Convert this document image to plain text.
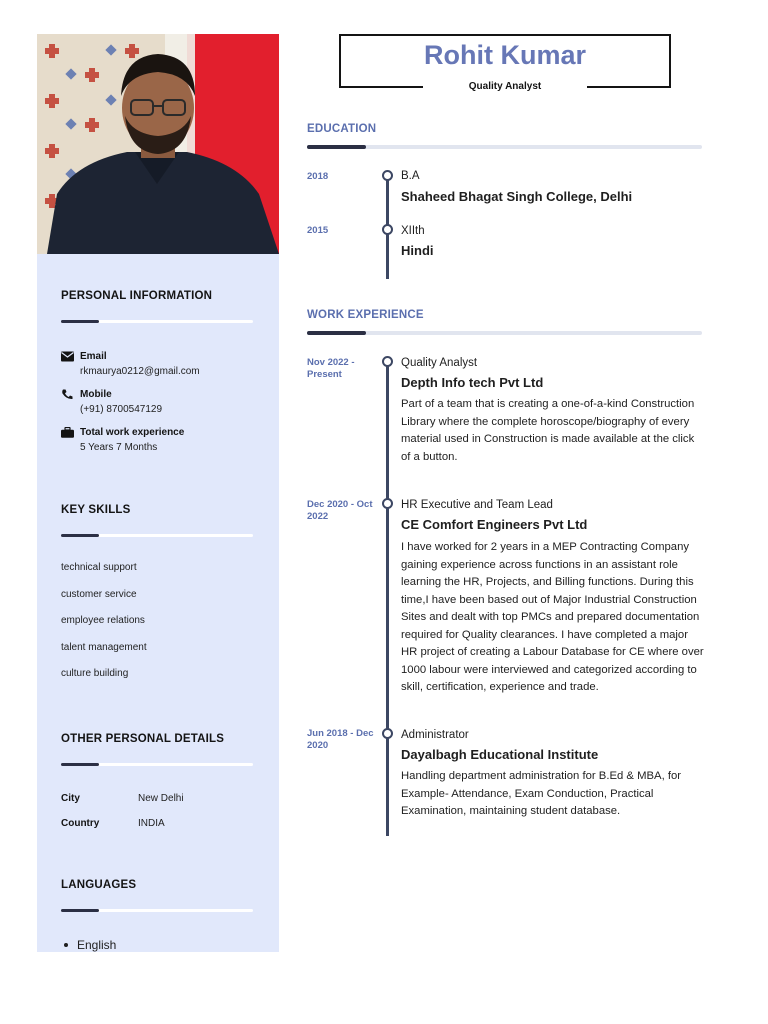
PERSONAL INFORMATION
Email
rkmaurya0212@gmail.com
Mobile
(+91) 8700547129
Total work experience
5 Years 7 Months
KEY SKILLS
technical support
customer service
employee relations
talent management
culture building
OTHER PERSONAL DETAILS
City	New Delhi
Country	INDIA
LANGUAGES
English
Rohit Kumar
Quality Analyst
EDUCATION
2018	B.A
Shaheed Bhagat Singh College, Delhi
2015	XIIth
Hindi
WORK EXPERIENCE
Nov 2022 - Present
Quality Analyst
Depth Info tech Pvt Ltd
Part of a team that is creating a one-of-a-kind Construction Library where the complete horoscope/biography of every material used in Construction is made available at the click of a button.
Dec 2020 - Oct 2022
HR Executive and Team Lead
CE Comfort Engineers Pvt Ltd
I have worked for 2 years in a MEP Contracting Company gaining experience across functions in an assistant role learning the HR, Projects, and Billing functions. During this time,I have been based out of Major Industrial Construction Sites and dealt with top PMCs and prepared documentation required for Quality clearances. I have completed a major HR project of creating a Labour Database for CE where over 1000 labour were interviewed and categorized according to skill, certification, experience and trade.
Jun 2018 - Dec 2020
Administrator
Dayalbagh Educational Institute
Handling department administration for B.Ed & MBA, for Example- Attendance, Exam Conduction, Practical Examination, maintaining student database.
